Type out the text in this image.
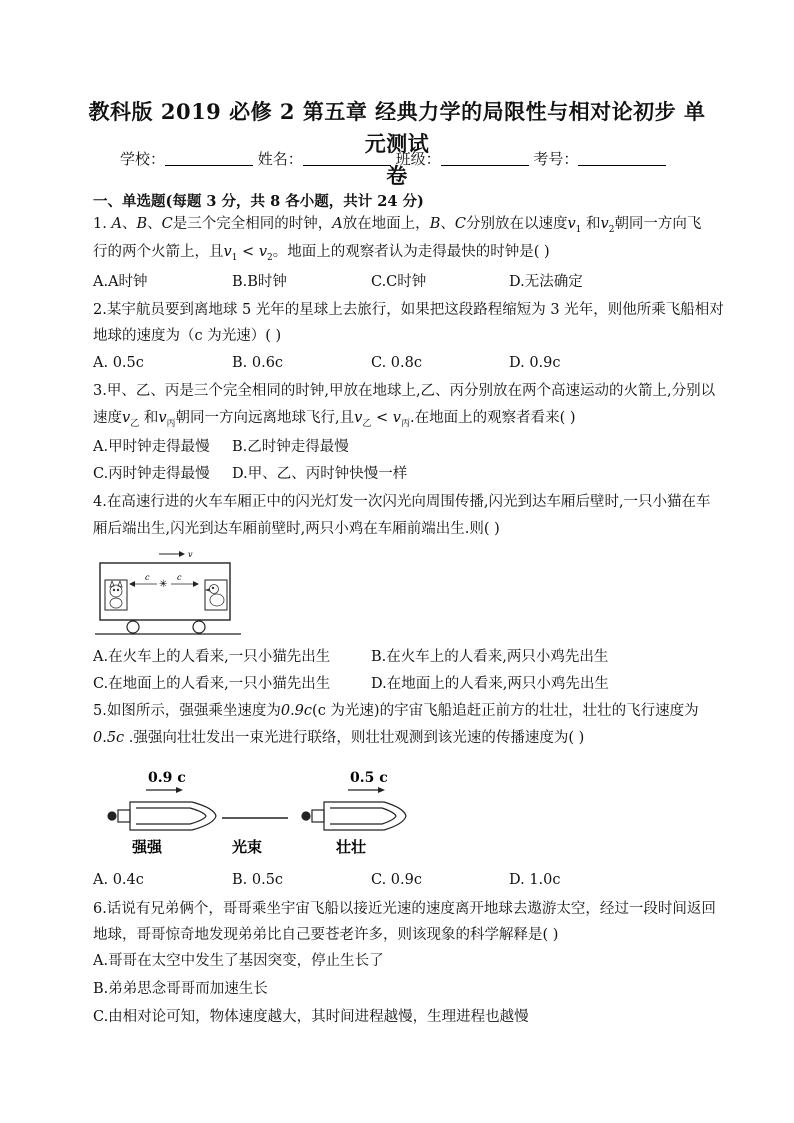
教科版 2019 必修 2 第五章 经典力学的局限性与相对论初步 单元测试
卷
学校：	姓名：	班级：	考号：
一、单选题(每题 3 分，共 8 各小题，共计 24 分)
1. A、B、C是三个完全相同的时钟，A放在地面上，B、C分别放在以速度$v_1$ 和$v_2$朝同一方向飞
行的两个火箭上，且$v_1 < v_2$。地面上的观察者认为走得最快的时钟是( )
A.A时钟	B.B时钟	C.C时钟	D.无法确定
2.某宇航员要到离地球 5 光年的星球上去旅行，如果把这段路程缩短为 3 光年，则他所乘飞船相对
地球的速度为（c 为光速）( )
A. 0.5c	B. 0.6c	C. 0.8c	D. 0.9c
3.甲、乙、丙是三个完全相同的时钟,甲放在地球上,乙、丙分别放在两个高速运动的火箭上,分别以
速度$v_乙$ 和$v_丙$朝同一方向远离地球飞行,且$v_乙 < v_丙$.在地面上的观察者看来( )
A.甲时钟走得最慢 B.乙时钟走得最慢
C.丙时钟走得最慢 D.甲、乙、丙时钟快慢一样
4.在高速行进的火车车厢正中的闪光灯发一次闪光向周围传播,闪光到达车厢后壁时,一只小猫在车
厢后端出生,闪光到达车厢前壁时,两只小鸡在车厢前端出生.则( )
v
c
✳
c
A.在火车上的人看来,一只小猫先出生	B.在火车上的人看来,两只小鸡先出生
C.在地面上的人看来,一只小猫先出生	D.在地面上的人看来,两只小鸡先出生
5.如图所示，强强乘坐速度为0.9c(c 为光速)的宇宙飞船追赶正前方的壮壮，壮壮的飞行速度为
0.5c .强强向壮壮发出一束光进行联络，则壮壮观测到该光速的传播速度为( )
0.9 c
强强	光束
0.5 c
壮壮
A. 0.4c	B. 0.5c	C. 0.9c	D. 1.0c
6.话说有兄弟俩个，哥哥乘坐宇宙飞船以接近光速的速度离开地球去遨游太空，经过一段时间返回
地球，哥哥惊奇地发现弟弟比自己要苍老许多，则该现象的科学解释是( )
A.哥哥在太空中发生了基因突变，停止生长了
B.弟弟思念哥哥而加速生长
C.由相对论可知，物体速度越大，其时间进程越慢，生理进程也越慢
